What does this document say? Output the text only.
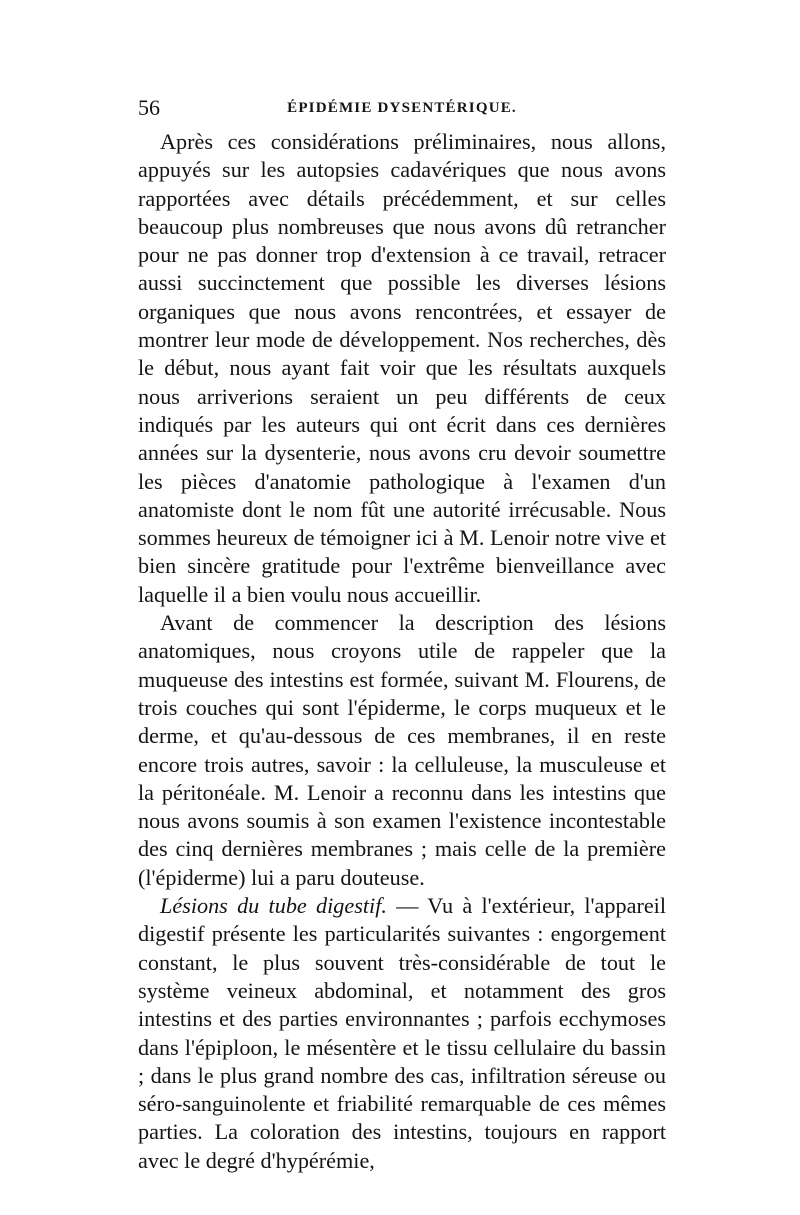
56	ÉPIDÉMIE DYSENTÉRIQUE.

Après ces considérations préliminaires, nous allons, appuyés sur les autopsies cadavériques que nous avons rapportées avec détails précédemment, et sur celles beaucoup plus nombreuses que nous avons dû retrancher pour ne pas donner trop d'extension à ce travail, retracer aussi succinctement que possible les diverses lésions organiques que nous avons rencontrées, et essayer de montrer leur mode de développement. Nos recherches, dès le début, nous ayant fait voir que les résultats auxquels nous arriverions seraient un peu différents de ceux indiqués par les auteurs qui ont écrit dans ces dernières années sur la dysenterie, nous avons cru devoir soumettre les pièces d'anatomie pathologique à l'examen d'un anatomiste dont le nom fût une autorité irrécusable. Nous sommes heureux de témoigner ici à M. Lenoir notre vive et bien sincère gratitude pour l'extrême bienveillance avec laquelle il a bien voulu nous accueillir.

Avant de commencer la description des lésions anatomiques, nous croyons utile de rappeler que la muqueuse des intestins est formée, suivant M. Flourens, de trois couches qui sont l'épiderme, le corps muqueux et le derme, et qu'au-dessous de ces membranes, il en reste encore trois autres, savoir : la celluleuse, la musculeuse et la péritonéale. M. Lenoir a reconnu dans les intestins que nous avons soumis à son examen l'existence incontestable des cinq dernières membranes ; mais celle de la première (l'épiderme) lui a paru douteuse.

Lésions du tube digestif. — Vu à l'extérieur, l'appareil digestif présente les particularités suivantes : engorgement constant, le plus souvent très-considérable de tout le système veineux abdominal, et notamment des gros intestins et des parties environnantes ; parfois ecchymoses dans l'épiploon, le mésentère et le tissu cellulaire du bassin ; dans le plus grand nombre des cas, infiltration séreuse ou séro-sanguinolente et friabilité remarquable de ces mêmes parties. La coloration des intestins, toujours en rapport avec le degré d'hypérémie,
